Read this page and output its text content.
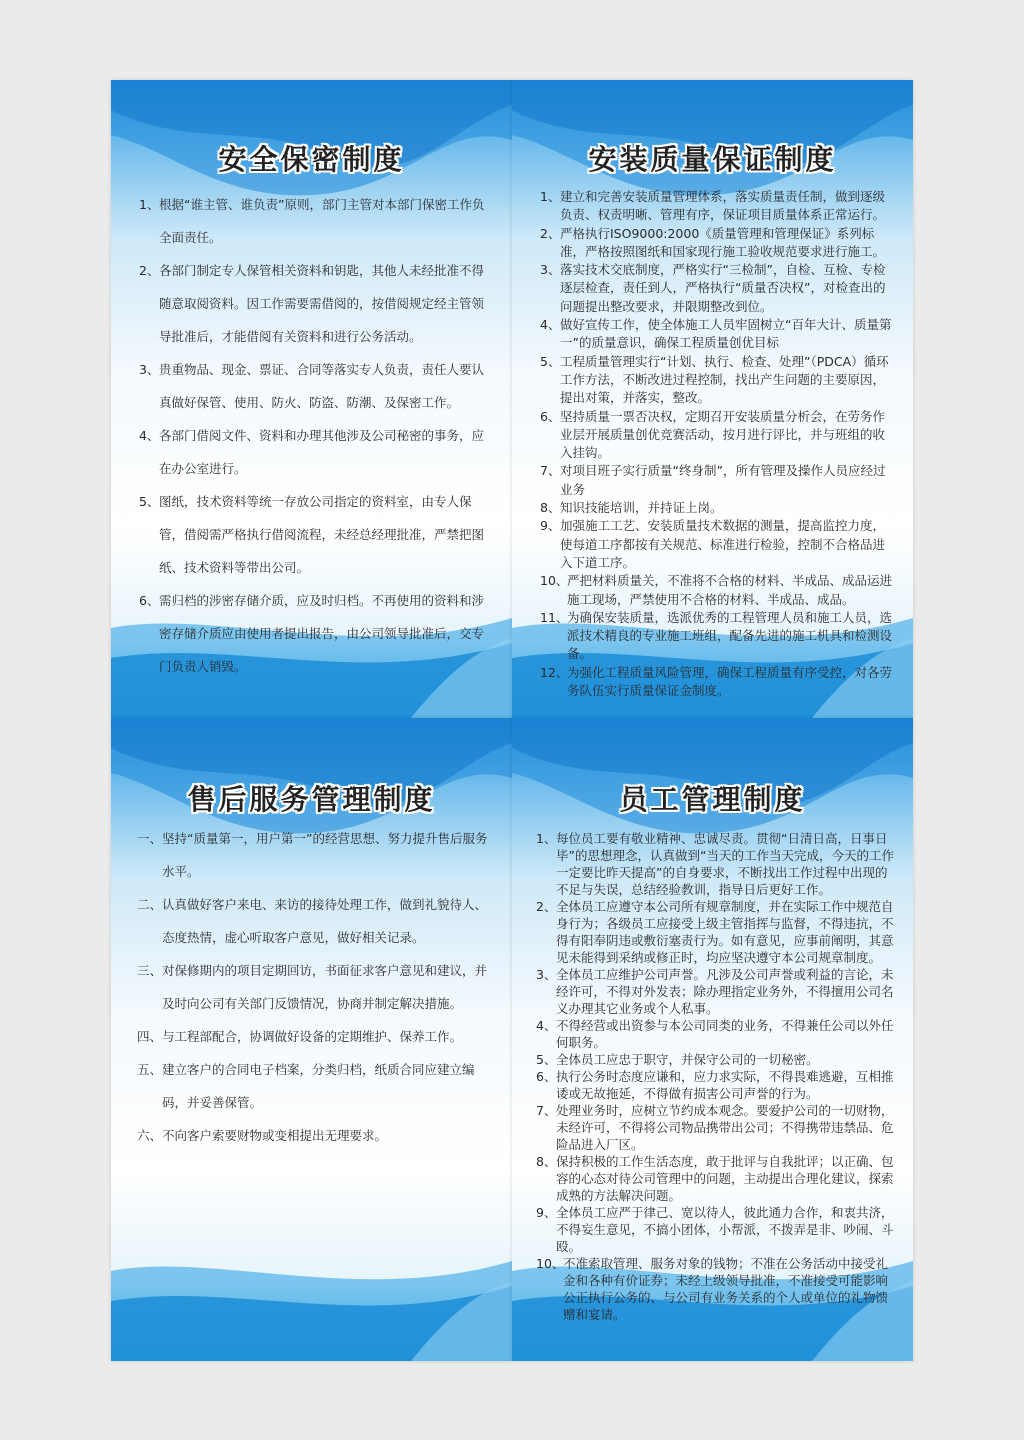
安全保密制度
1、 根据“谁主管、谁负责”原则，部门主管对本部门保密工作负全面责任。
2、 各部门制定专人保管相关资料和钥匙，其他人未经批准不得随意取阅资料。因工作需要需借阅的，按借阅规定经主管领导批准后，才能借阅有关资料和进行公务活动。
3、 贵重物品、现金、票证、合同等落实专人负责，责任人要认真做好保管、使用、防火、防盗、防潮、及保密工作。
4、 各部门借阅文件、资料和办理其他涉及公司秘密的事务，应在办公室进行。
5、 图纸，技术资料等统一存放公司指定的资料室，由专人保管，借阅需严格执行借阅流程，未经总经理批准，严禁把图纸、技术资料等带出公司。
6、 需归档的涉密存储介质，应及时归档。不再使用的资料和涉密存储介质应由使用者提出报告，由公司领导批准后，交专门负责人销毁。
安装质量保证制度
1、 建立和完善安装质量管理体系，落实质量责任制，做到逐级负责、权责明晰、管理有序，保证项目质量体系正常运行。
2、 严格执行ISO9000:2000《质量管理和管理保证》系列标准，严格按照图纸和国家现行施工验收规范要求进行施工。
3、 落实技术交底制度，严格实行“三检制”，自检、互检、专检逐层检查，责任到人，严格执行“质量否决权”，对检查出的问题提出整改要求，并限期整改到位。
4、 做好宣传工作，使全体施工人员牢固树立“百年大计、质量第一”的质量意识，确保工程质量创优目标
5、 工程质量管理实行“计划、执行、检查、处理”（PDCA）循环工作方法，不断改进过程控制，找出产生问题的主要原因，提出对策，并落实，整改。
6、 坚持质量一票否决权，定期召开安装质量分析会，在劳务作业层开展质量创优竞赛活动，按月进行评比，并与班组的收入挂钩。
7、 对项目班子实行质量“终身制”，所有管理及操作人员应经过业务
8、 知识技能培训，并持证上岗。
9、 加强施工工艺、安装质量技术数据的测量，提高监控力度，使每道工序都按有关规范、标准进行检验，控制不合格品进入下道工序。
10、
严把材料质量关，不准将不合格的材料、半成品、成品运进施工现场，严禁使用不合格的材料、半成品、成品。
11、
为确保安装质量，选派优秀的工程管理人员和施工人员，选派技术精良的专业施工班组，配备先进的施工机具和检测设备。
12、
为强化工程质量风险管理，确保工程质量有序受控，对各劳务队伍实行质量保证金制度。
售后服务管理制度
一、 坚持“质量第一，用户第一”的经营思想、努力提升售后服务水平。
二、 认真做好客户来电、来访的接待处理工作，做到礼貌待人、态度热情，虚心听取客户意见，做好相关记录。
三、 对保修期内的项目定期回访，书面征求客户意见和建议，并及时向公司有关部门反馈情况，协商并制定解决措施。
四、 与工程部配合，协调做好设备的定期维护、保养工作。
五、 建立客户的合同电子档案，分类归档，纸质合同应建立编码，并妥善保管。
六、 不向客户索要财物或变相提出无理要求。
员工管理制度
1、 每位员工要有敬业精神、忠诚尽责。贯彻“日清日高，日事日毕”的思想理念，认真做到“当天的工作当天完成，今天的工作一定要比昨天提高”的自身要求，不断找出工作过程中出现的不足与失误，总结经验教训，指导日后更好工作。
2、 全体员工应遵守本公司所有规章制度，并在实际工作中规范自身行为；各级员工应接受上级主管指挥与监督，不得违抗，不得有阳奉阴违或敷衍塞责行为。如有意见，应事前阐明，其意见未能得到采纳或修正时，均应坚决遵守本公司规章制度。
3、 全体员工应维护公司声誉。凡涉及公司声誉或利益的言论，未经许可，不得对外发表；除办理指定业务外，不得擅用公司名义办理其它业务或个人私事。
4、 不得经营或出资参与本公司同类的业务，不得兼任公司以外任何职务。
5、 全体员工应忠于职守，并保守公司的一切秘密。
6、 执行公务时态度应谦和，应力求实际，不得畏难逃避，互相推诿或无故拖延，不得做有损害公司声誉的行为。
7、 处理业务时，应树立节约成本观念。要爱护公司的一切财物，未经许可，不得将公司物品携带出公司；不得携带违禁品、危险品进入厂区。
8、 保持积极的工作生活态度，敢于批评与自我批评；以正确、包容的心态对待公司管理中的问题，主动提出合理化建议，探索成熟的方法解决问题。
9、 全体员工应严于律己、宽以待人，彼此通力合作，和衷共济，不得妄生意见，不搞小团体，小帮派，不拨弄是非、吵闹、斗殴。
10、
不准索取管理、服务对象的钱物；不准在公务活动中接受礼金和各种有价证券；未经上级领导批准，不准接受可能影响公正执行公务的、与公司有业务关系的个人或单位的礼物馈赠和宴请。
